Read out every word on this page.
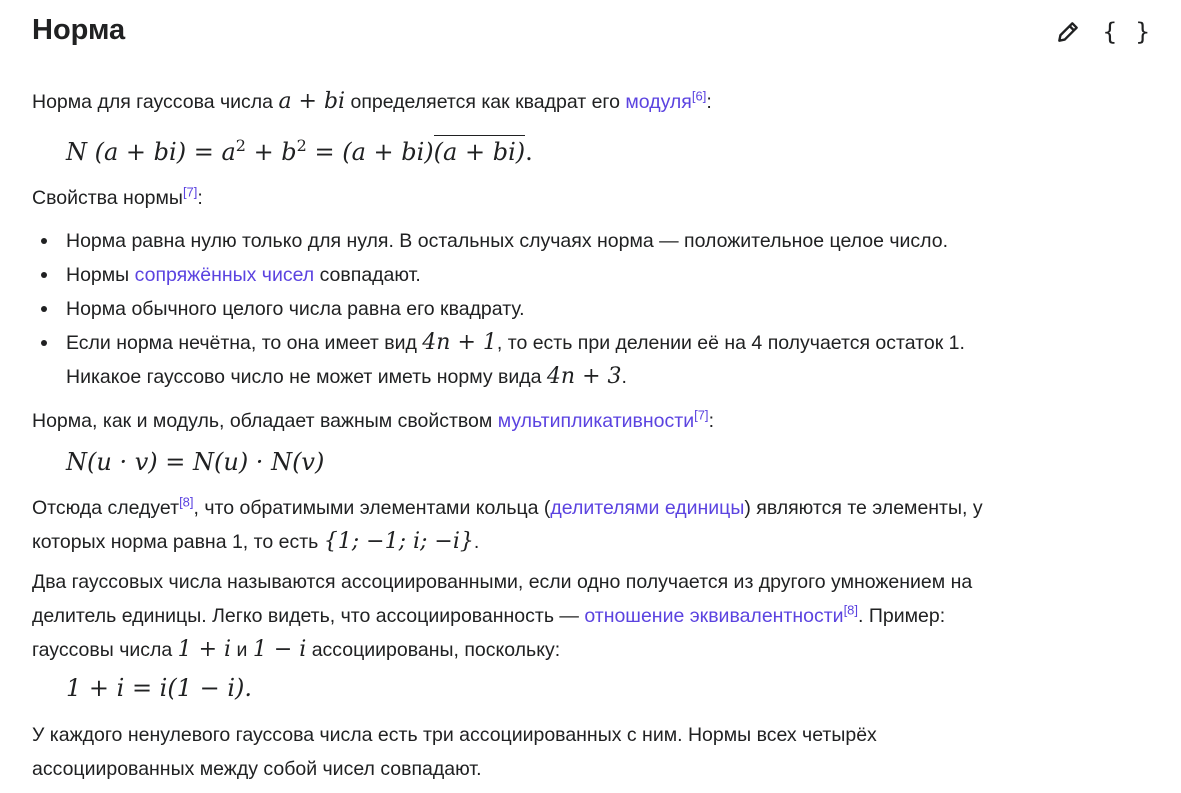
Норма	{ }

Норма для гауссова числа a + bi определяется как квадрат его модуля[6]:

N $(a + bi) = a^2 + b^2 = (a + bi)(a + bi)$.

Свойства нормы[7]:

Норма равна нулю только для нуля. В остальных случаях норма — положительное целое число.
Нормы сопряжённых чисел совпадают.
Норма обычного целого числа равна его квадрату.
Если норма нечётна, то она имеет вид 4n + 1, то есть при делении её на 4 получается остаток 1.
Никакое гауссово число не может иметь норму вида 4n + 3.

Норма, как и модуль, обладает важным свойством мультипликативности[7]:

N(u · v) = N(u) · N(v)

Отсюда следует[8], что обратимыми элементами кольца (делителями единицы) являются те элементы, у
которых норма равна 1, то есть {1; −1; i; −i}.

Два гауссовых числа называются ассоциированными, если одно получается из другого умножением на
делитель единицы. Легко видеть, что ассоциированность — отношение эквивалентности[8]. Пример:
гауссовы числа 1 + i и 1 − i ассоциированы, поскольку:

1 + i = i(1 − i).

У каждого ненулевого гауссова числа есть три ассоциированных с ним. Нормы всех четырёх
ассоциированных между собой чисел совпадают.
